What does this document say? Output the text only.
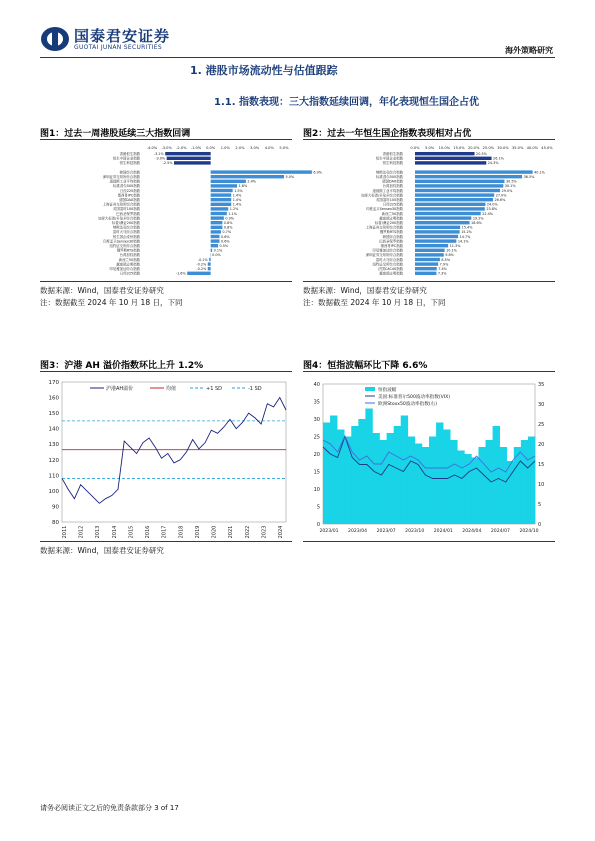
国泰君安证券
GUOTAI JUNAN SECURITIES	海外策略研究
1. 港股市场流动性与估值跟踪
1.1. 指数表现：三大指数延续回调，年化表现恒生国企占优
图1：过去一周港股延续三大指数回调	图2：过去一年恒生国企指数表现相对占优
-4.0% -3.0% -2.0% -1.0% 0.0% 1.0% 2.0% 3.0% 4.0% 5.0%
香港恒生指数	-3.1%
恒生中国企业指数	-3.0%
恒生科技指数	-2.5%
韩国综合指数	6.9%
深圳证券交易所综合指数	5.0%
道琼斯工业平均指数	2.4%
标准普尔500指数	1.8%
日经225指数	1.5%
墨西哥IPC指数	1.4%
德国DAX指数	1.4%
上海证券交易所综合指数	1.4%
英国富时100指数	1.2%
巴西圣保罗指数	1.1%
加拿大标普/多伦多综合指数	0.9%
标普/澳证200指数	0.8%
纳斯达克综合指数	0.8%
富时大马综合指数	0.7%
恒生国企成份指数	0.6%
印度孟买Sensex30指数	0.6%
纽约证交所综合指数	0.5%
俄罗斯RTS指数	0.1%
台湾加权指数	0.0%
新西兰50指数	-0.1%
越南胡志明指数	-0.2%
印尼雅加达综合指数	-0.2%
日经225指数	-1.6%
0.0% 5.0% 10.0% 15.0% 20.0% 25.0% 30.0% 35.0% 40.0% 45.0%
香港恒生指数	20.3%
恒生中国企业指数	26.1%
恒生科技指数	24.3%
纳斯达克综合指数	40.1%
标准普尔500指数	36.5%
德国DAX指数	30.5%
台湾加权指数	30.1%
道琼斯工业平均指数	29.0%
加拿大标普/多伦多综合指数	27.0%
英国富时100指数	26.6%
日经225指数	24.0%
印度孟买Sensex30指数	23.8%
新西兰50指数	22.4%
越南胡志明指数	19.2%
标普/澳证200指数	18.6%
上海证券交易所综合指数	15.4%
俄罗斯RTS指数	15.2%
韩国综合指数	14.7%
巴西圣保罗指数	14.1%
墨西哥IPC指数	11.3%
印尼雅加达综合指数	10.1%
深圳证券交易所综合指数	9.8%
富时大马综合指数	8.5%
纽约证交所综合指数	7.9%
法国CAC40指数	7.4%
越南胡志明指数	7.3%
数据来源：Wind，国泰君安证券研究
注：数据截至 2024 年 10 月 18 日，下同
数据来源：Wind，国泰君安证券研究
注：数据截至 2024 年 10 月 18 日，下同
图3：沪港 AH 溢价指数环比上升 1.2%	图4：恒指波幅环比下降 6.6%
80
90
100
110
120
130
140
150
160
170
2011 2012 2013 2014 2015 2016 2017 2018 2019 2020 2021 2022 2023 2024
沪港AH溢价	均值	+1 SD	-1 SD
0
5
10
15
20
25
30
35
40
0
5
10
15
20
25
30
35
2023/01 2023/04 2023/07 2023/10 2024/01 2024/04 2024/07 2024/10
恒指波幅
美国:标准普尔500波动率指数(VIX)
欧洲Stoxx50波动率指数(右)
数据来源：Wind，国泰君安证券研究
请务必阅读正文之后的免责条款部分 3 of 17
